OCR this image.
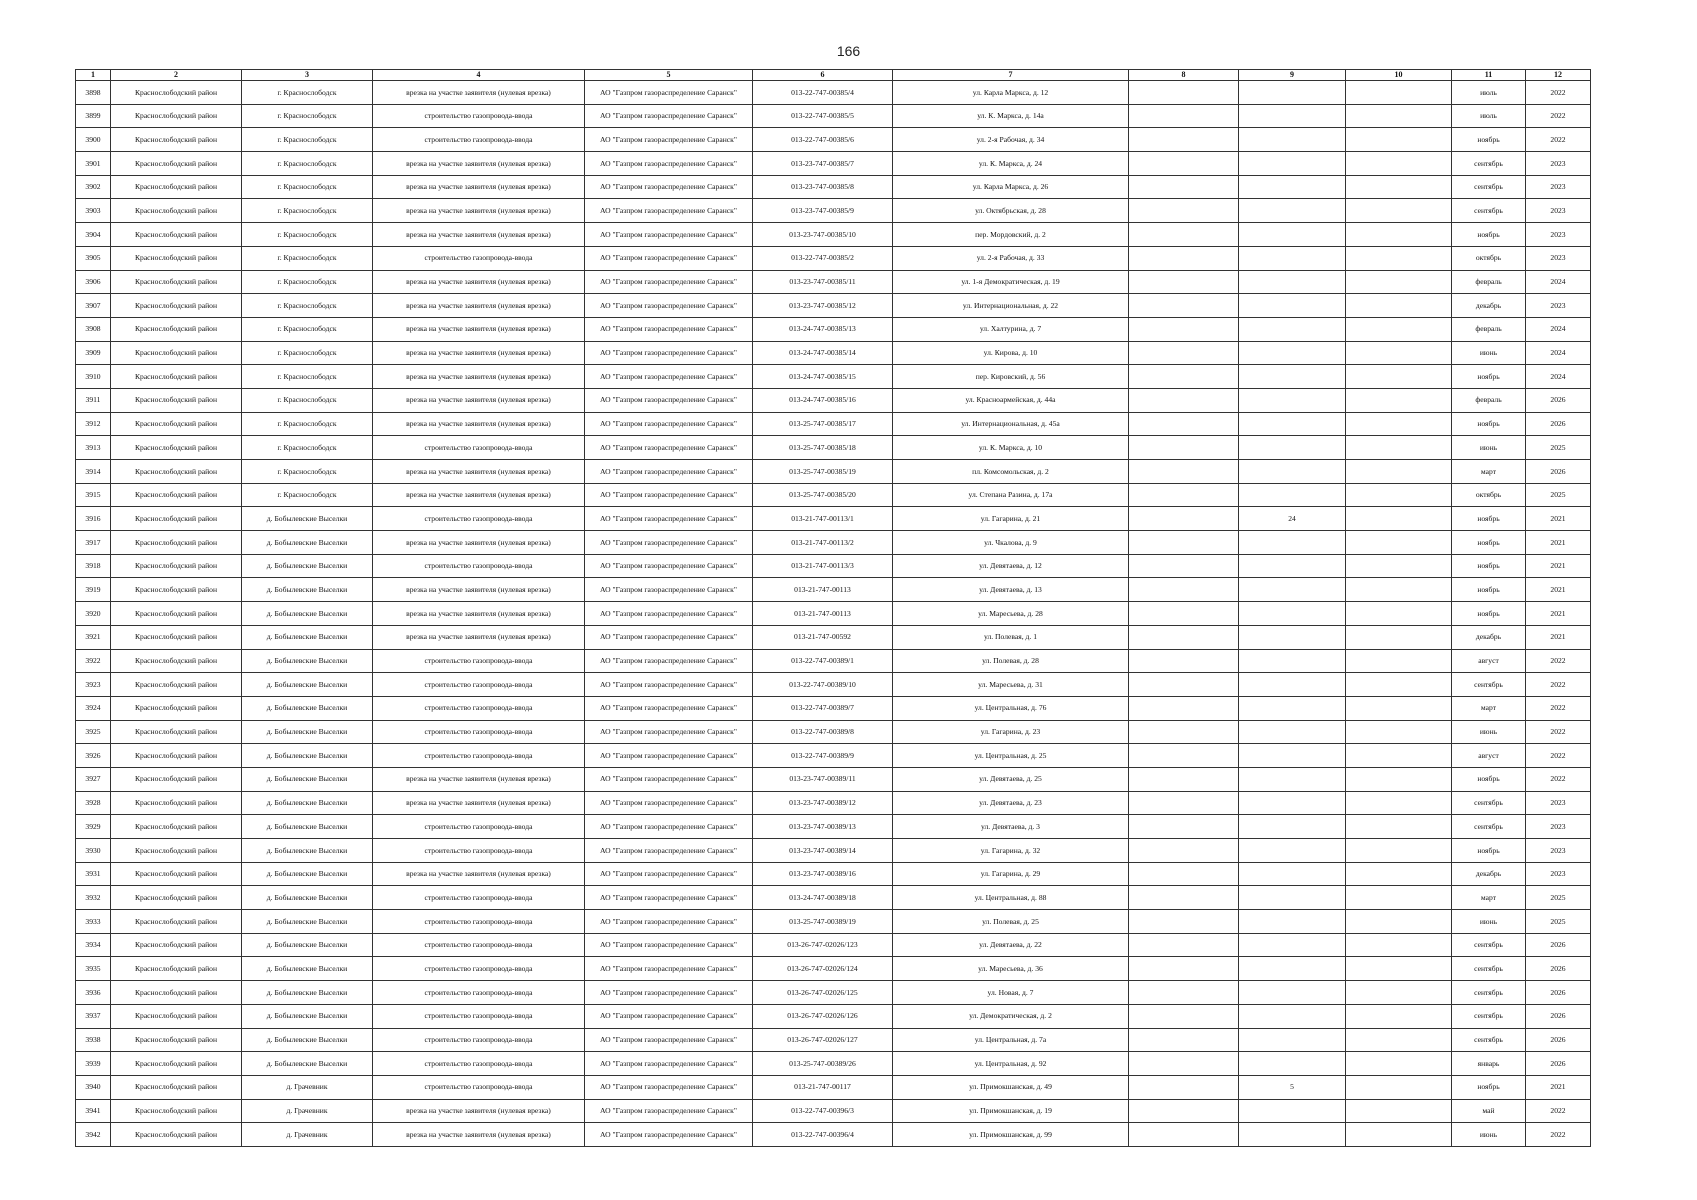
166
1	2	3	4	5	6	7	8	9	10	11	12
3898	Краснослободский район	г. Краснослободск	врезка на участке заявителя (нулевая врезка)	АО "Газпром газораспределение Саранск"	013-22-747-00385/4	ул. Карла Маркса, д. 12				июль	2022
3899	Краснослободский район	г. Краснослободск	строительство газопровода-ввода	АО "Газпром газораспределение Саранск"	013-22-747-00385/5	ул. К. Маркса, д. 14а				июль	2022
3900	Краснослободский район	г. Краснослободск	строительство газопровода-ввода	АО "Газпром газораспределение Саранск"	013-22-747-00385/6	ул. 2-я Рабочая, д. 34				ноябрь	2022
3901	Краснослободский район	г. Краснослободск	врезка на участке заявителя (нулевая врезка)	АО "Газпром газораспределение Саранск"	013-23-747-00385/7	ул. К. Маркса, д. 24				сентябрь	2023
3902	Краснослободский район	г. Краснослободск	врезка на участке заявителя (нулевая врезка)	АО "Газпром газораспределение Саранск"	013-23-747-00385/8	ул. Карла Маркса, д. 26				сентябрь	2023
3903	Краснослободский район	г. Краснослободск	врезка на участке заявителя (нулевая врезка)	АО "Газпром газораспределение Саранск"	013-23-747-00385/9	ул. Октябрьская, д. 28				сентябрь	2023
3904	Краснослободский район	г. Краснослободск	врезка на участке заявителя (нулевая врезка)	АО "Газпром газораспределение Саранск"	013-23-747-00385/10	пер. Мордовский, д. 2				ноябрь	2023
3905	Краснослободский район	г. Краснослободск	строительство газопровода-ввода	АО "Газпром газораспределение Саранск"	013-22-747-00385/2	ул. 2-я Рабочая, д. 33				октябрь	2023
3906	Краснослободский район	г. Краснослободск	врезка на участке заявителя (нулевая врезка)	АО "Газпром газораспределение Саранск"	013-23-747-00385/11	ул. 1-я Демократическая, д. 19				февраль	2024
3907	Краснослободский район	г. Краснослободск	врезка на участке заявителя (нулевая врезка)	АО "Газпром газораспределение Саранск"	013-23-747-00385/12	ул. Интернациональная, д. 22				декабрь	2023
3908	Краснослободский район	г. Краснослободск	врезка на участке заявителя (нулевая врезка)	АО "Газпром газораспределение Саранск"	013-24-747-00385/13	ул. Халтурина, д. 7				февраль	2024
3909	Краснослободский район	г. Краснослободск	врезка на участке заявителя (нулевая врезка)	АО "Газпром газораспределение Саранск"	013-24-747-00385/14	ул. Кирова, д. 10				июнь	2024
3910	Краснослободский район	г. Краснослободск	врезка на участке заявителя (нулевая врезка)	АО "Газпром газораспределение Саранск"	013-24-747-00385/15	пер. Кировский, д. 56				ноябрь	2024
3911	Краснослободский район	г. Краснослободск	врезка на участке заявителя (нулевая врезка)	АО "Газпром газораспределение Саранск"	013-24-747-00385/16	ул. Красноармейская, д. 44а				февраль	2026
3912	Краснослободский район	г. Краснослободск	врезка на участке заявителя (нулевая врезка)	АО "Газпром газораспределение Саранск"	013-25-747-00385/17	ул. Интернациональная, д. 45а				ноябрь	2026
3913	Краснослободский район	г. Краснослободск	строительство газопровода-ввода	АО "Газпром газораспределение Саранск"	013-25-747-00385/18	ул. К. Маркса, д. 10				июнь	2025
3914	Краснослободский район	г. Краснослободск	врезка на участке заявителя (нулевая врезка)	АО "Газпром газораспределение Саранск"	013-25-747-00385/19	пл. Комсомольская, д. 2				март	2026
3915	Краснослободский район	г. Краснослободск	врезка на участке заявителя (нулевая врезка)	АО "Газпром газораспределение Саранск"	013-25-747-00385/20	ул. Степана Разина, д. 17а				октябрь	2025
3916	Краснослободский район	д. Бобылевские Выселки	строительство газопровода-ввода	АО "Газпром газораспределение Саранск"	013-21-747-00113/1	ул. Гагарина, д. 21		24		ноябрь	2021
3917	Краснослободский район	д. Бобылевские Выселки	врезка на участке заявителя (нулевая врезка)	АО "Газпром газораспределение Саранск"	013-21-747-00113/2	ул. Чкалова, д. 9				ноябрь	2021
3918	Краснослободский район	д. Бобылевские Выселки	строительство газопровода-ввода	АО "Газпром газораспределение Саранск"	013-21-747-00113/3	ул. Девятаева, д. 12				ноябрь	2021
3919	Краснослободский район	д. Бобылевские Выселки	врезка на участке заявителя (нулевая врезка)	АО "Газпром газораспределение Саранск"	013-21-747-00113	ул. Девятаева, д. 13				ноябрь	2021
3920	Краснослободский район	д. Бобылевские Выселки	врезка на участке заявителя (нулевая врезка)	АО "Газпром газораспределение Саранск"	013-21-747-00113	ул. Маресьева, д. 28				ноябрь	2021
3921	Краснослободский район	д. Бобылевские Выселки	врезка на участке заявителя (нулевая врезка)	АО "Газпром газораспределение Саранск"	013-21-747-00592	ул. Полевая, д. 1				декабрь	2021
3922	Краснослободский район	д. Бобылевские Выселки	строительство газопровода-ввода	АО "Газпром газораспределение Саранск"	013-22-747-00389/1	ул. Полевая, д. 28				август	2022
3923	Краснослободский район	д. Бобылевские Выселки	строительство газопровода-ввода	АО "Газпром газораспределение Саранск"	013-22-747-00389/10	ул. Маресьева, д. 31				сентябрь	2022
3924	Краснослободский район	д. Бобылевские Выселки	строительство газопровода-ввода	АО "Газпром газораспределение Саранск"	013-22-747-00389/7	ул. Центральная, д. 76				март	2022
3925	Краснослободский район	д. Бобылевские Выселки	строительство газопровода-ввода	АО "Газпром газораспределение Саранск"	013-22-747-00389/8	ул. Гагарина, д. 23				июнь	2022
3926	Краснослободский район	д. Бобылевские Выселки	строительство газопровода-ввода	АО "Газпром газораспределение Саранск"	013-22-747-00389/9	ул. Центральная, д. 25				август	2022
3927	Краснослободский район	д. Бобылевские Выселки	врезка на участке заявителя (нулевая врезка)	АО "Газпром газораспределение Саранск"	013-23-747-00389/11	ул. Девятаева, д. 25				ноябрь	2022
3928	Краснослободский район	д. Бобылевские Выселки	врезка на участке заявителя (нулевая врезка)	АО "Газпром газораспределение Саранск"	013-23-747-00389/12	ул. Девятаева, д. 23				сентябрь	2023
3929	Краснослободский район	д. Бобылевские Выселки	строительство газопровода-ввода	АО "Газпром газораспределение Саранск"	013-23-747-00389/13	ул. Девятаева, д. 3				сентябрь	2023
3930	Краснослободский район	д. Бобылевские Выселки	строительство газопровода-ввода	АО "Газпром газораспределение Саранск"	013-23-747-00389/14	ул. Гагарина, д. 32				ноябрь	2023
3931	Краснослободский район	д. Бобылевские Выселки	врезка на участке заявителя (нулевая врезка)	АО "Газпром газораспределение Саранск"	013-23-747-00389/16	ул. Гагарина, д. 29				декабрь	2023
3932	Краснослободский район	д. Бобылевские Выселки	строительство газопровода-ввода	АО "Газпром газораспределение Саранск"	013-24-747-00389/18	ул. Центральная, д. 88				март	2025
3933	Краснослободский район	д. Бобылевские Выселки	строительство газопровода-ввода	АО "Газпром газораспределение Саранск"	013-25-747-00389/19	ул. Полевая, д. 25				июнь	2025
3934	Краснослободский район	д. Бобылевские Выселки	строительство газопровода-ввода	АО "Газпром газораспределение Саранск"	013-26-747-02026/123	ул. Девятаева, д. 22				сентябрь	2026
3935	Краснослободский район	д. Бобылевские Выселки	строительство газопровода-ввода	АО "Газпром газораспределение Саранск"	013-26-747-02026/124	ул. Маресьева, д. 36				сентябрь	2026
3936	Краснослободский район	д. Бобылевские Выселки	строительство газопровода-ввода	АО "Газпром газораспределение Саранск"	013-26-747-02026/125	ул. Новая, д. 7				сентябрь	2026
3937	Краснослободский район	д. Бобылевские Выселки	строительство газопровода-ввода	АО "Газпром газораспределение Саранск"	013-26-747-02026/126	ул. Демократическая, д. 2				сентябрь	2026
3938	Краснослободский район	д. Бобылевские Выселки	строительство газопровода-ввода	АО "Газпром газораспределение Саранск"	013-26-747-02026/127	ул. Центральная, д. 7а				сентябрь	2026
3939	Краснослободский район	д. Бобылевские Выселки	строительство газопровода-ввода	АО "Газпром газораспределение Саранск"	013-25-747-00389/26	ул. Центральная, д. 92				январь	2026
3940	Краснослободский район	д. Грачевник	строительство газопровода-ввода	АО "Газпром газораспределение Саранск"	013-21-747-00117	ул. Примокшанская, д. 49		5		ноябрь	2021
3941	Краснослободский район	д. Грачевник	врезка на участке заявителя (нулевая врезка)	АО "Газпром газораспределение Саранск"	013-22-747-00396/3	ул. Примокшанская, д. 19				май	2022
3942	Краснослободский район	д. Грачевник	врезка на участке заявителя (нулевая врезка)	АО "Газпром газораспределение Саранск"	013-22-747-00396/4	ул. Примокшанская, д. 99				июнь	2022
